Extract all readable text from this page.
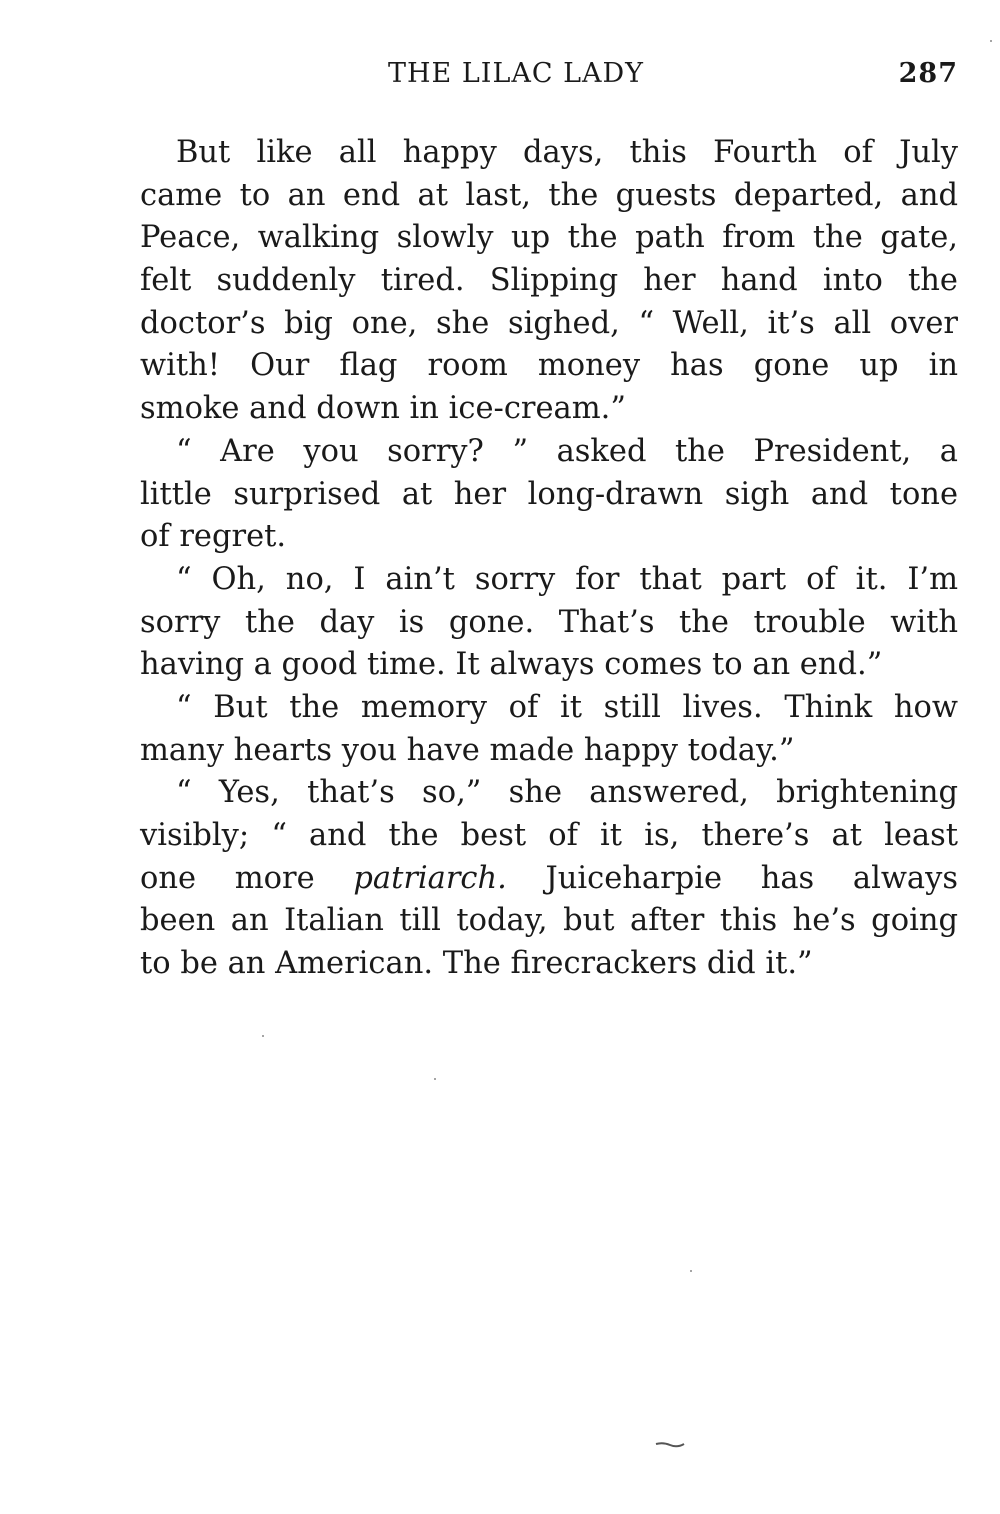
THE LILAC LADY	287
But like all happy days, this Fourth of July
came to an end at last, the guests departed, and
Peace, walking slowly up the path from the gate,
felt suddenly tired. Slipping her hand into the
doctor’s big one, she sighed, “ Well, it’s all over
with! Our flag room money has gone up in
smoke and down in ice-cream.”
“ Are you sorry? ” asked the President, a
little surprised at her long-drawn sigh and tone
of regret.
“ Oh, no, I ain’t sorry for that part of it. I’m
sorry the day is gone. That’s the trouble with
having a good time. It always comes to an end.”
“ But the memory of it still lives. Think how
many hearts you have made happy today.”
“ Yes, that’s so,” she answered, brightening
visibly; “ and the best of it is, there’s at least
one more patriarch. Juiceharpie has always
been an Italian till today, but after this he’s going
to be an American. The firecrackers did it.”
